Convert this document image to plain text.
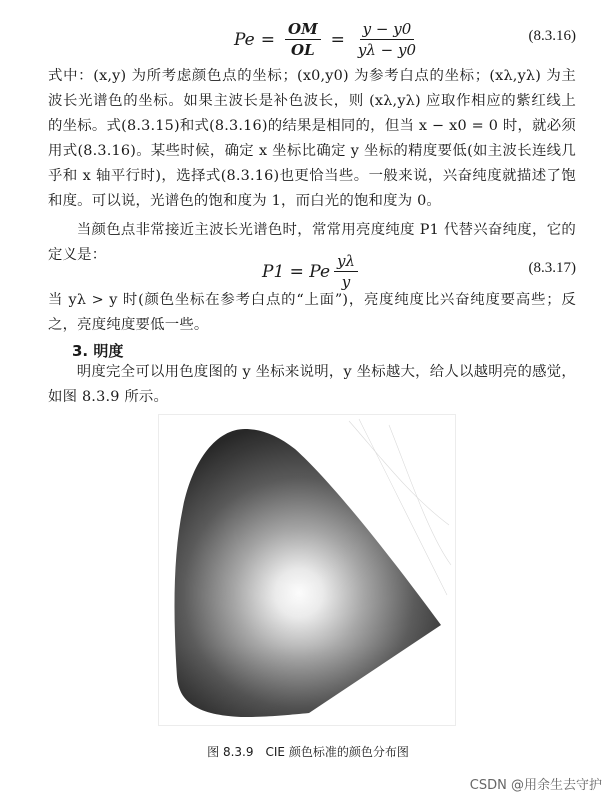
$Pe = \frac{OM}{OL} = \frac{y - y0}{y\lambda - y0}$	(8.3.16)
式中：(x,y) 为所考虑颜色点的坐标；(x0,y0) 为参考白点的坐标；(xλ,yλ) 为主波长光谱色的坐标。如果主波长是补色波长，则 (xλ,yλ) 应取作相应的紫红线上的坐标。式(8.3.15)和式(8.3.16)的结果是相同的，但当 x − x0 = 0 时，就必须用式(8.3.16)。某些时候，确定 x 坐标比确定 y 坐标的精度要低(如主波长连线几乎和 x 轴平行时)，选择式(8.3.16)也更恰当些。一般来说，兴奋纯度就描述了饱和度。可以说，光谱色的饱和度为 1，而白光的饱和度为 0。
当颜色点非常接近主波长光谱色时，常常用亮度纯度 P1 代替兴奋纯度，它的定义是：
P1 = Pe $\frac{y\lambda}{y}$	(8.3.17)
当 yλ > y 时(颜色坐标在参考白点的“上面”)，亮度纯度比兴奋纯度要高些；反之，亮度纯度要低一些。
3. 明度
明度完全可以用色度图的 y 坐标来说明，y 坐标越大，给人以越明亮的感觉，如图 8.3.9 所示。
图 8.3.9　CIE 颜色标准的颜色分布图
CSDN @用余生去守护
